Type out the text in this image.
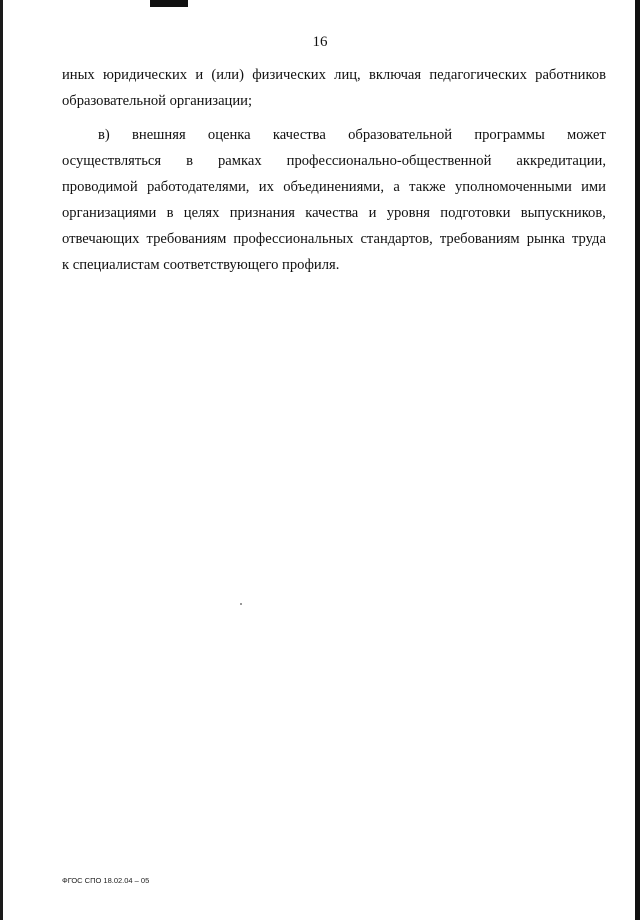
16
иных юридических и (или) физических лиц, включая педагогических работников
образовательной организации;
в) внешняя оценка качества образовательной программы может
осуществляться в рамках профессионально-общественной аккредитации,
проводимой работодателями, их объединениями, а также уполномоченными ими
организациями в целях признания качества и уровня подготовки выпускников,
отвечающих требованиям профессиональных стандартов, требованиям рынка труда
к специалистам соответствующего профиля.
ФГОС СПО 18.02.04 – 05
